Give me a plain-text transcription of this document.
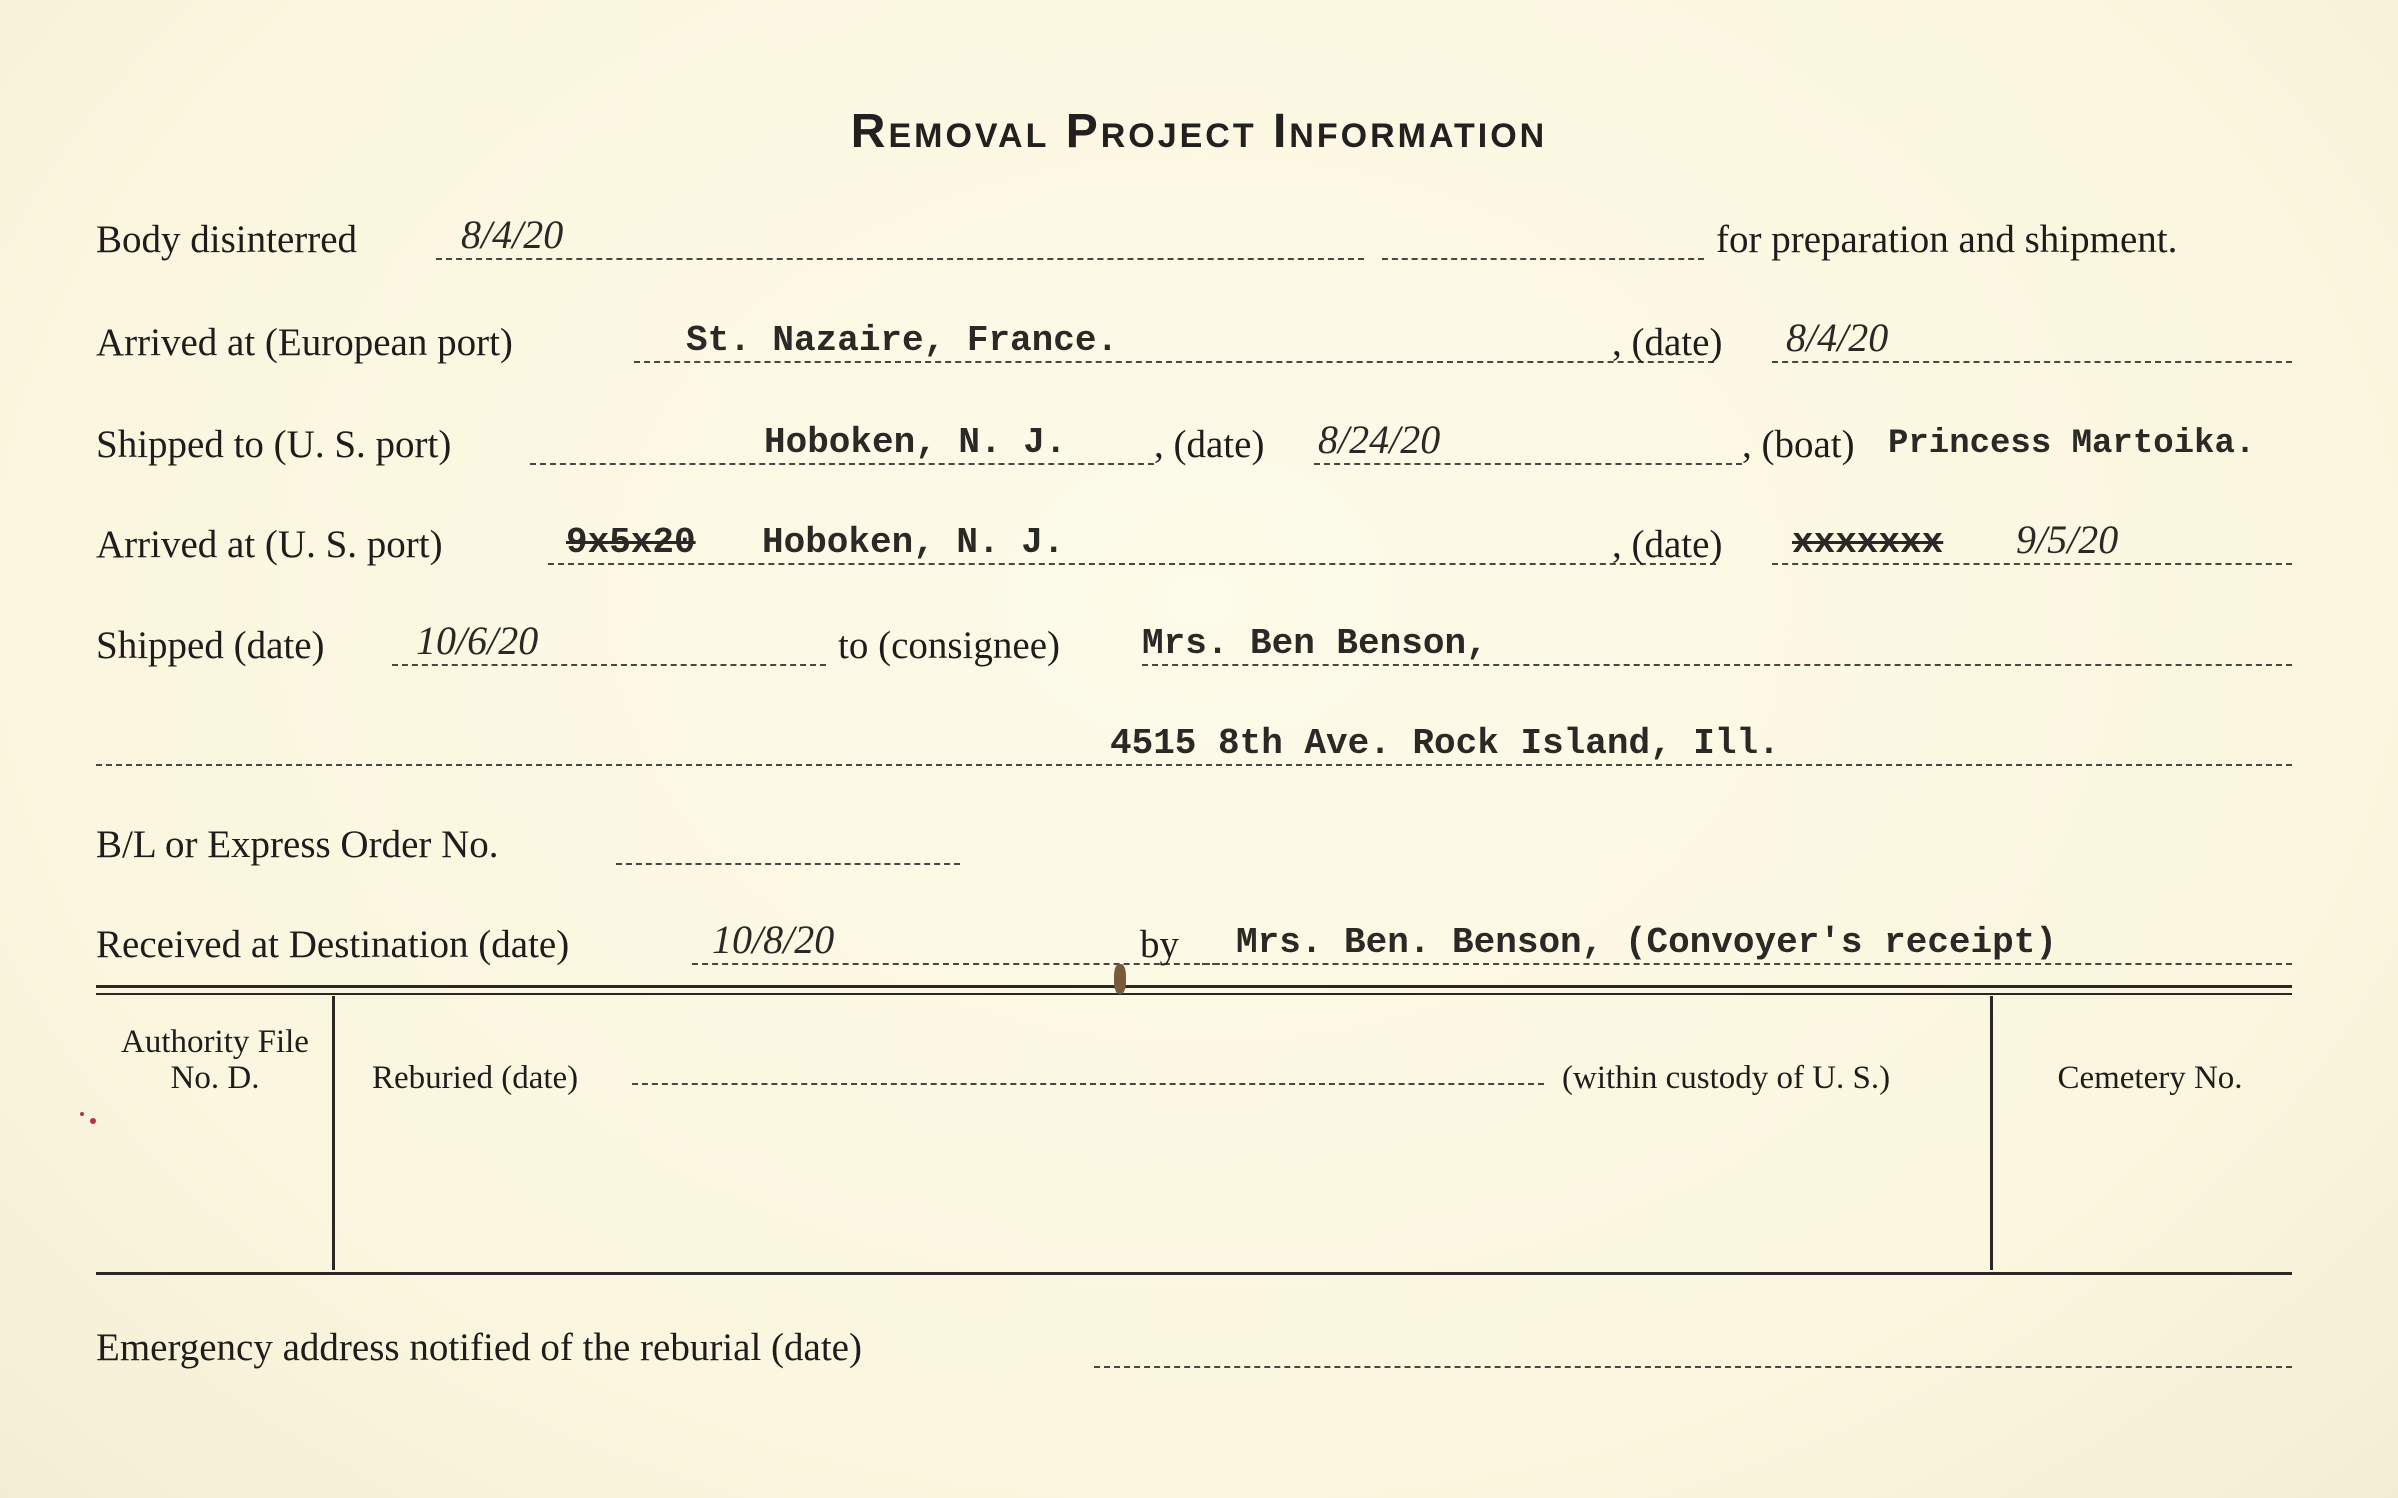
Removal Project Information
Body disinterred	8/4/20	for preparation and shipment.
Arrived at (European port)	St. Nazaire, France.	, (date) 8/4/20
Shipped to (U. S. port)	Hoboken, N. J. , (date) 8/24/20	, (boat) Princess Martoika.
Arrived at (U. S. port)	9x5x20 Hoboken, N. J.	, (date) xxxxxxx 9/5/20
Shipped (date) 10/6/20	to (consignee) Mrs. Ben Benson,
4515 8th Ave. Rock Island, Ill.
B/L or Express Order No.
Received at Destination (date)	10/8/20	by Mrs. Ben. Benson, (Convoyer's receipt)
Authority File No. D.	Reburied (date)	(within custody of U. S.)	Cemetery No.
Emergency address notified of the reburial (date)
